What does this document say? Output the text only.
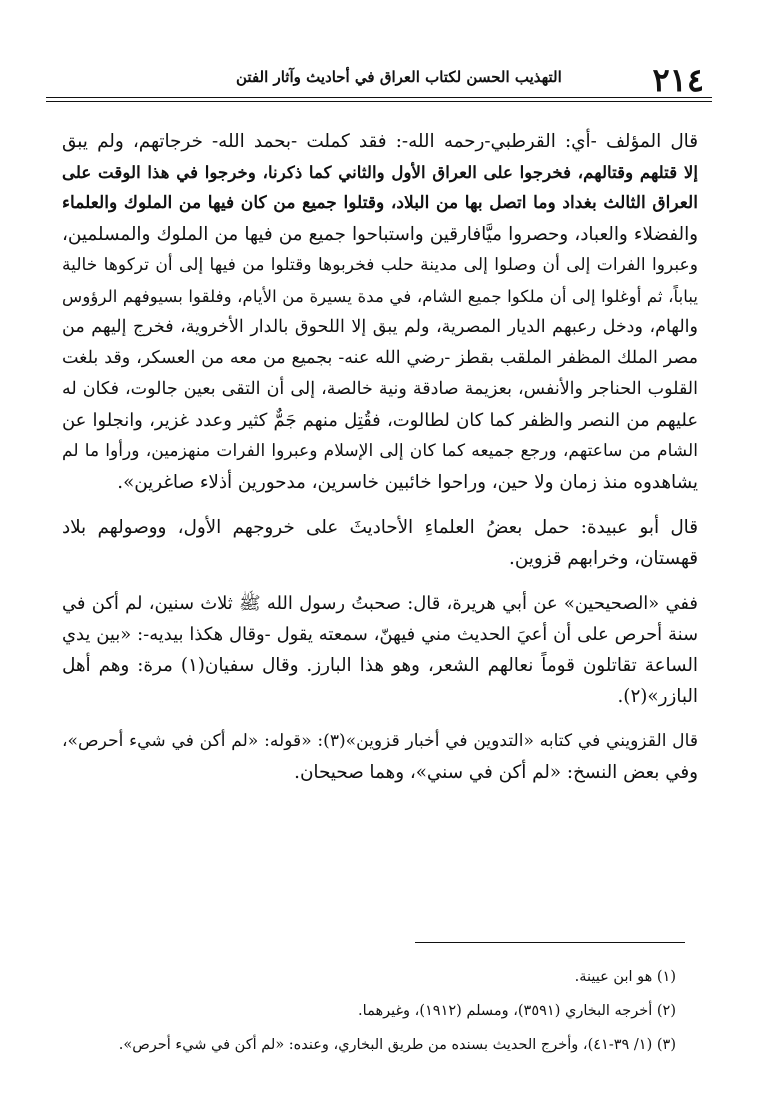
٢١٤
التهذيب الحسن لكتاب العراق في أحاديث وآثار الفتن

قال المؤلف -أي: القرطبي-رحمه الله-: فقد كملت -بحمد الله- خرجاتهم، ولم يبق
إلا قتلهم وقتالهم، فخرجوا على العراق الأول والثاني كما ذكرنا، وخرجوا في هذا الوقت على
العراق الثالث بغداد وما اتصل بها من البلاد، وقتلوا جميع من كان فيها من الملوك والعلماء
والفضلاء والعباد، وحصروا ميَّافارقين واستباحوا جميع من فيها من الملوك والمسلمين،
وعبروا الفرات إلى أن وصلوا إلى مدينة حلب فخربوها وقتلوا من فيها إلى أن تركوها خالية
يباباً، ثم أوغلوا إلى أن ملكوا جميع الشام، في مدة يسيرة من الأيام، وفلقوا بسيوفهم الرؤوس
والهام، ودخل رعبهم الديار المصرية، ولم يبق إلا اللحوق بالدار الأخروية، فخرج إليهم من
مصر الملك المظفر الملقب بقطز -رضي الله عنه- بجميع من معه من العسكر، وقد بلغت
القلوب الحناجر والأنفس، بعزيمة صادقة ونية خالصة، إلى أن التقى بعين جالوت، فكان له
عليهم من النصر والظفر كما كان لطالوت، فقُتِل منهم جَمٌّ كثير وعدد غزير، وانجلوا عن
الشام من ساعتهم، ورجع جميعه كما كان إلى الإسلام وعبروا الفرات منهزمين، ورأوا ما لم
يشاهدوه منذ زمان ولا حين، وراحوا خائبين خاسرين، مدحورين أذلاء صاغرين».

قال أبو عبيدة: حمل بعضُ العلماءِ الأحاديثَ على خروجهم الأول، ووصولهم بلاد
قهستان، وخرابهم قزوين.

ففي «الصحيحين» عن أبي هريرة، قال: صحبتُ رسول الله ﷺ ثلاث سنين، لم أكن في
سنة أحرص على أن أعيَ الحديث مني فيهنّ، سمعته يقول -وقال هكذا بيديه-: «بين يدي
الساعة تقاتلون قوماً نعالهم الشعر، وهو هذا البارز. وقال سفيان(١) مرة: وهم أهل
البازر»(٢).

قال القزويني في كتابه «التدوين في أخبار قزوين»(٣): «قوله: «لم أكن في شيء أحرص»،
وفي بعض النسخ: «لم أكن في سني»، وهما صحيحان.

(١) هو ابن عيينة.
(٢) أخرجه البخاري (٣٥٩١)، ومسلم (١٩١٢)، وغيرهما.
(٣) (١/ ٣٩-٤١)، وأخرج الحديث بسنده من طريق البخاري، وعنده: «لم أكن في شيء أحرص».
